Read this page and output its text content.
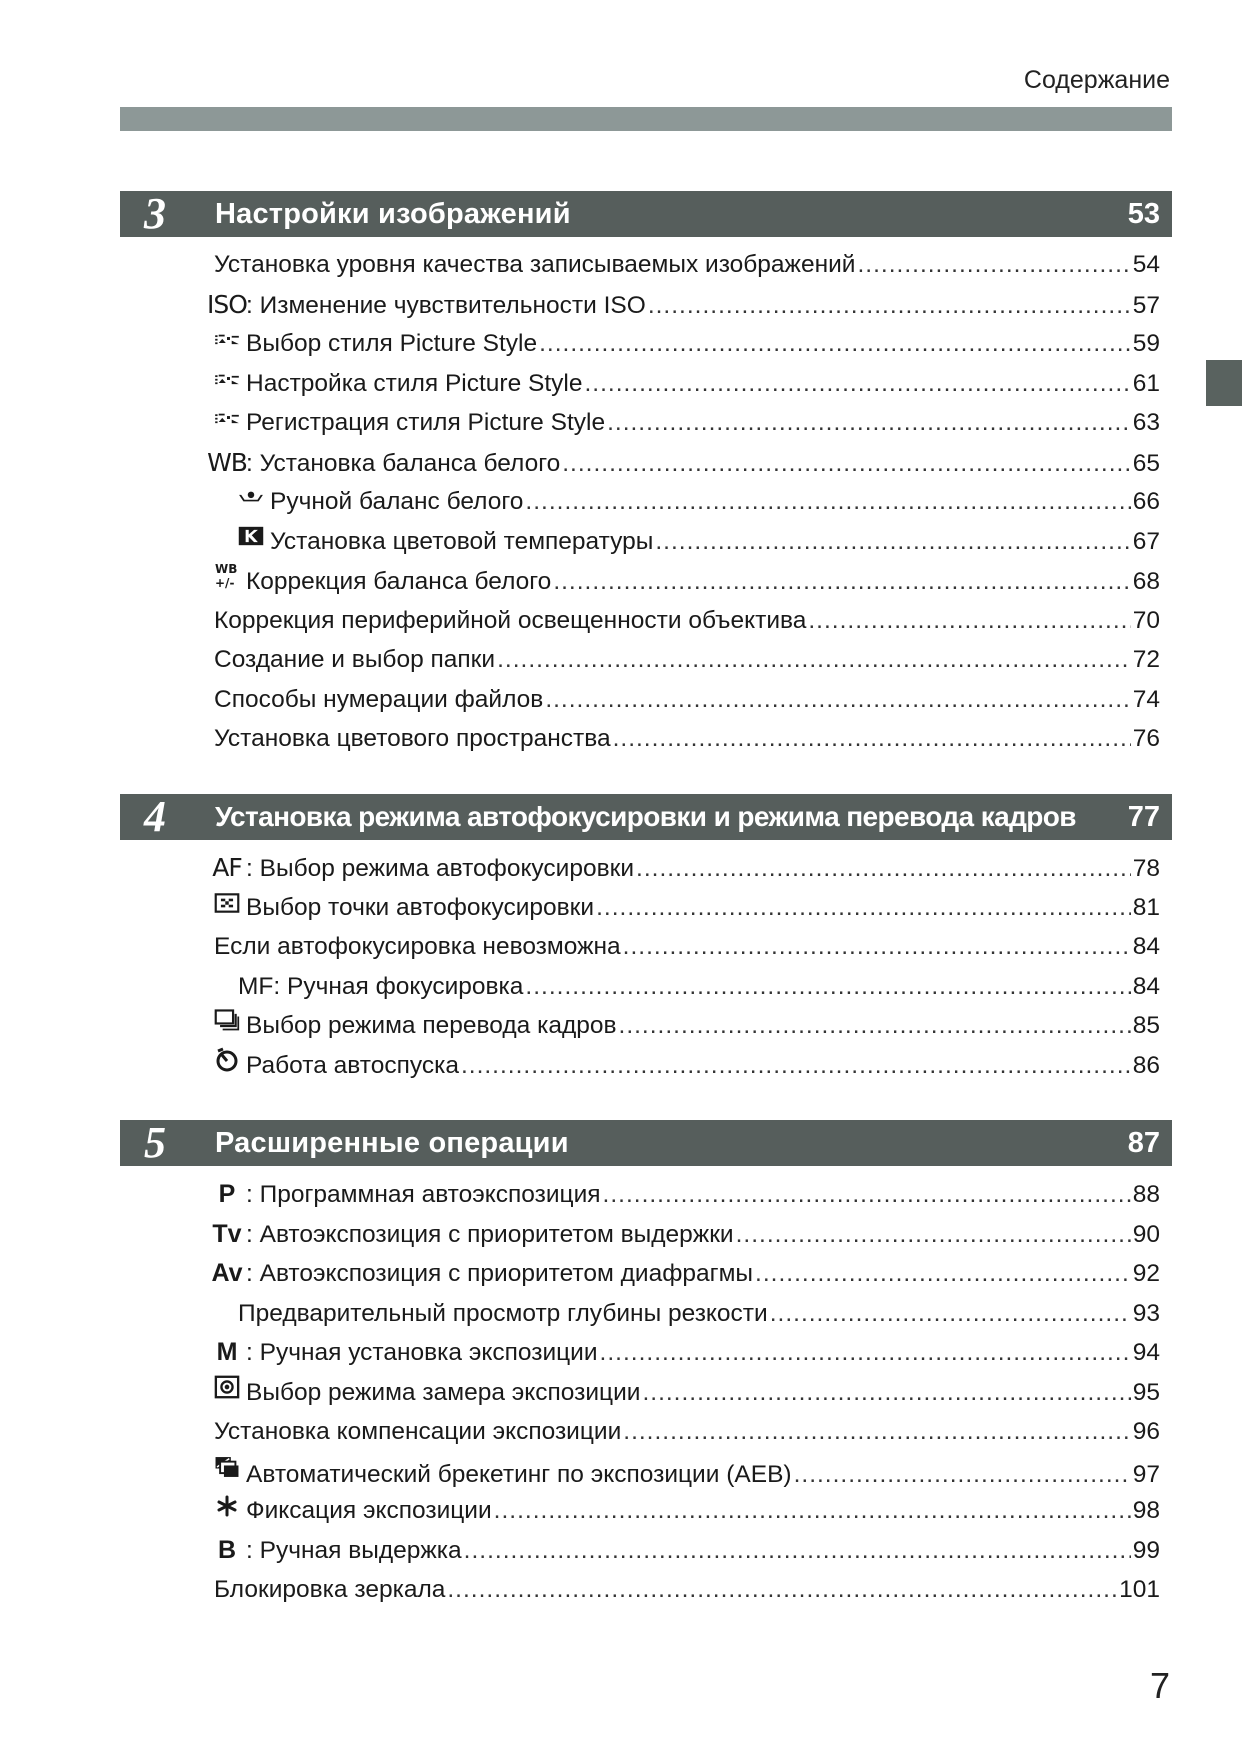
Содержание
3 Настройки изображений	53
Установка уровня качества записываемых изображений .....	54
ISO : Изменение чувствительности ISO .....	57
Выбор стиля Picture Style .....	59
Настройка стиля Picture Style .....	61
Регистрация стиля Picture Style .....	63
WB : Установка баланса белого .....	65
Ручной баланс белого .....	66
Установка цветовой температуры .....	67
WB
+/- Коррекция баланса белого .....	68
Коррекция периферийной освещенности объектива .....	70
Создание и выбор папки .....	72
Способы нумерации файлов .....	74
Установка цветового пространства .....	76
4 Установка режима автофокусировки и режима перевода кадров 77
AF : Выбор режима автофокусировки .....	78
Выбор точки автофокусировки .....	81
Если автофокусировка невозможна .....	84
MF: Ручная фокусировка .....	84
Выбор режима перевода кадров .....	85
Работа автоспуска .....	86
5 Расширенные операции	87
P : Программная автоэкспозиция .....	88
Tv : Автоэкспозиция с приоритетом выдержки .....	90
Av : Автоэкспозиция с приоритетом диафрагмы .....	92
Предварительный просмотр глубины резкости .....	93
M : Ручная установка экспозиции .....	94
Выбор режима замера экспозиции .....	95
Установка компенсации экспозиции .....	96
Автоматический брекетинг по экспозиции (AEB) .....	97
Фиксация экспозиции .....	98
B : Ручная выдержка .....	99
Блокировка зеркала .....	101
7
